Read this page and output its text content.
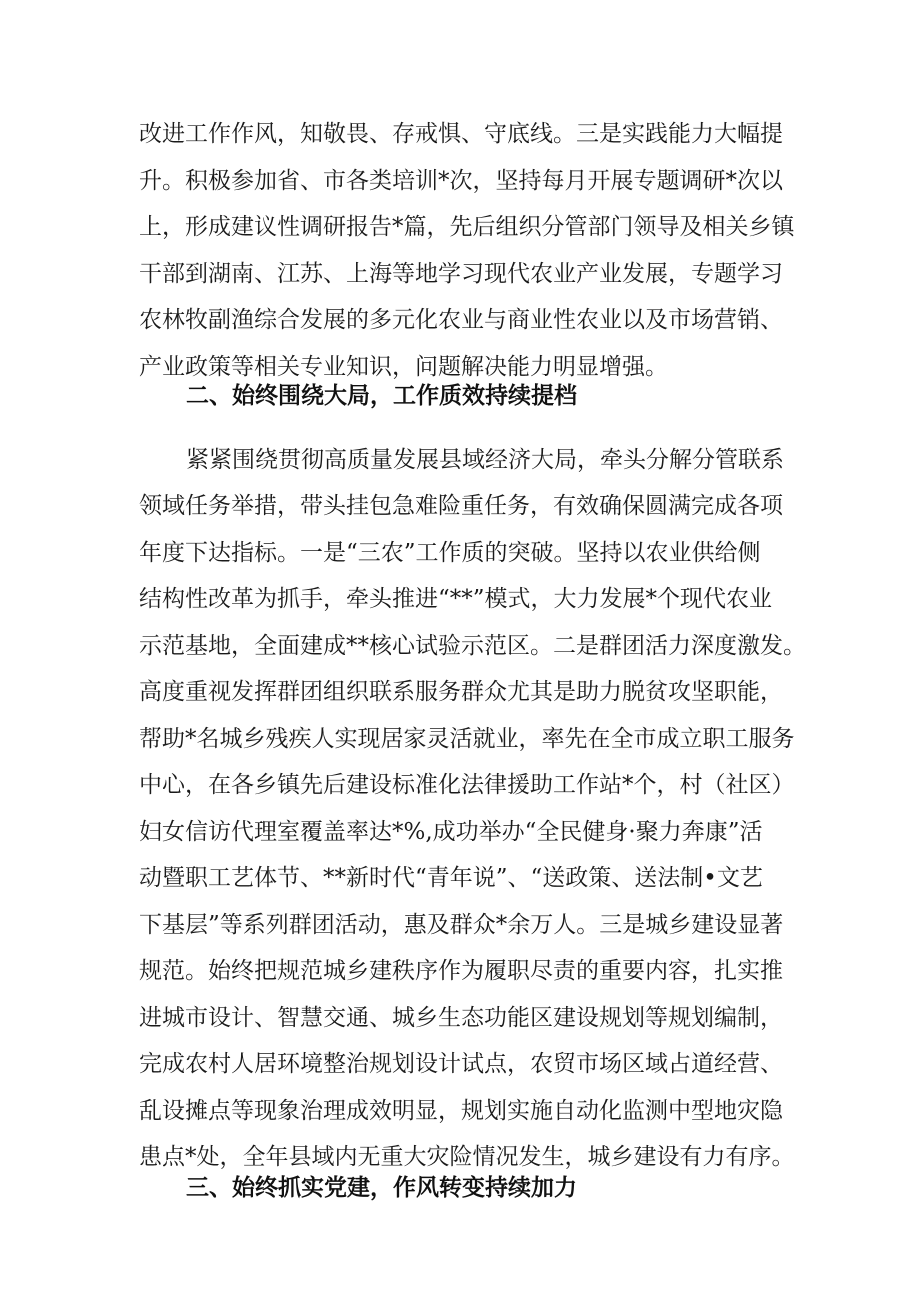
改进工作作风，知敬畏、存戒惧、守底线。三是实践能力大幅提
升。积极参加省、市各类培训*次，坚持每月开展专题调研*次以
上，形成建议性调研报告*篇，先后组织分管部门领导及相关乡镇
干部到湖南、江苏、上海等地学习现代农业产业发展，专题学习
农林牧副渔综合发展的多元化农业与商业性农业以及市场营销、
产业政策等相关专业知识，问题解决能力明显增强。
二、始终围绕大局，工作质效持续提档
紧紧围绕贯彻高质量发展县域经济大局，牵头分解分管联系
领域任务举措，带头挂包急难险重任务，有效确保圆满完成各项
年度下达指标。一是“三农”工作质的突破。坚持以农业供给侧
结构性改革为抓手，牵头推进“**”模式，大力发展*个现代农业
示范基地，全面建成**核心试验示范区。二是群团活力深度激发。
高度重视发挥群团组织联系服务群众尤其是助力脱贫攻坚职能，
帮助*名城乡残疾人实现居家灵活就业，率先在全市成立职工服务
中心，在各乡镇先后建设标准化法律援助工作站*个，村（社区）
妇女信访代理室覆盖率达*%,成功举办“全民健身·聚力奔康”活
动暨职工艺体节、**新时代“青年说”、“送政策、送法制•文艺
下基层”等系列群团活动，惠及群众*余万人。三是城乡建设显著
规范。始终把规范城乡建秩序作为履职尽责的重要内容，扎实推
进城市设计、智慧交通、城乡生态功能区建设规划等规划编制，
完成农村人居环境整治规划设计试点，农贸市场区域占道经营、
乱设摊点等现象治理成效明显，规划实施自动化监测中型地灾隐
患点*处，全年县域内无重大灾险情况发生，城乡建设有力有序。
三、始终抓实党建，作风转变持续加力
